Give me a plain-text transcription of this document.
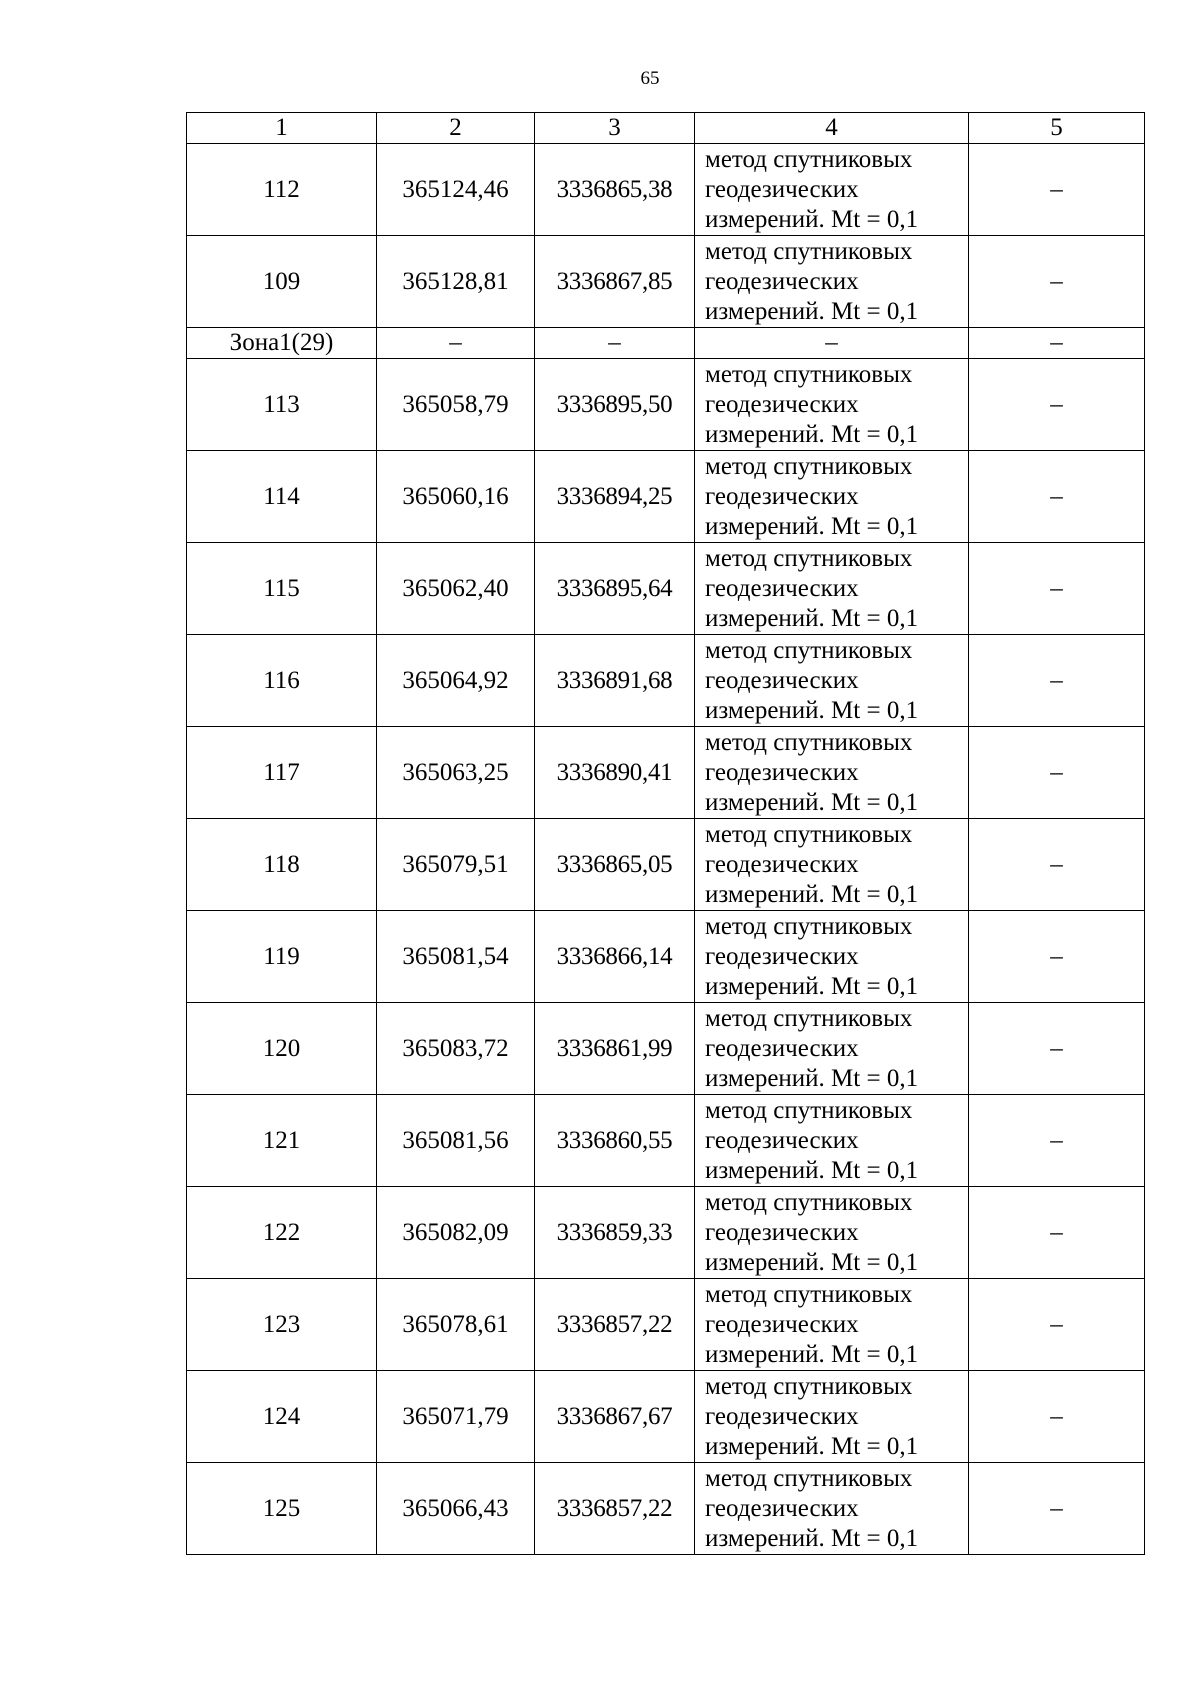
65
1	2	3	4	5
112	365124,46	3336865,38	метод спутниковых
геодезических
измерений. Mt = 0,1	–
109	365128,81	3336867,85	метод спутниковых
геодезических
измерений. Mt = 0,1	–
Зона1(29)	–	–	–	–
113	365058,79	3336895,50	метод спутниковых
геодезических
измерений. Mt = 0,1	–
114	365060,16	3336894,25	метод спутниковых
геодезических
измерений. Mt = 0,1	–
115	365062,40	3336895,64	метод спутниковых
геодезических
измерений. Mt = 0,1	–
116	365064,92	3336891,68	метод спутниковых
геодезических
измерений. Mt = 0,1	–
117	365063,25	3336890,41	метод спутниковых
геодезических
измерений. Mt = 0,1	–
118	365079,51	3336865,05	метод спутниковых
геодезических
измерений. Mt = 0,1	–
119	365081,54	3336866,14	метод спутниковых
геодезических
измерений. Mt = 0,1	–
120	365083,72	3336861,99	метод спутниковых
геодезических
измерений. Mt = 0,1	–
121	365081,56	3336860,55	метод спутниковых
геодезических
измерений. Mt = 0,1	–
122	365082,09	3336859,33	метод спутниковых
геодезических
измерений. Mt = 0,1	–
123	365078,61	3336857,22	метод спутниковых
геодезических
измерений. Mt = 0,1	–
124	365071,79	3336867,67	метод спутниковых
геодезических
измерений. Mt = 0,1	–
125	365066,43	3336857,22	метод спутниковых
геодезических
измерений. Mt = 0,1	–
